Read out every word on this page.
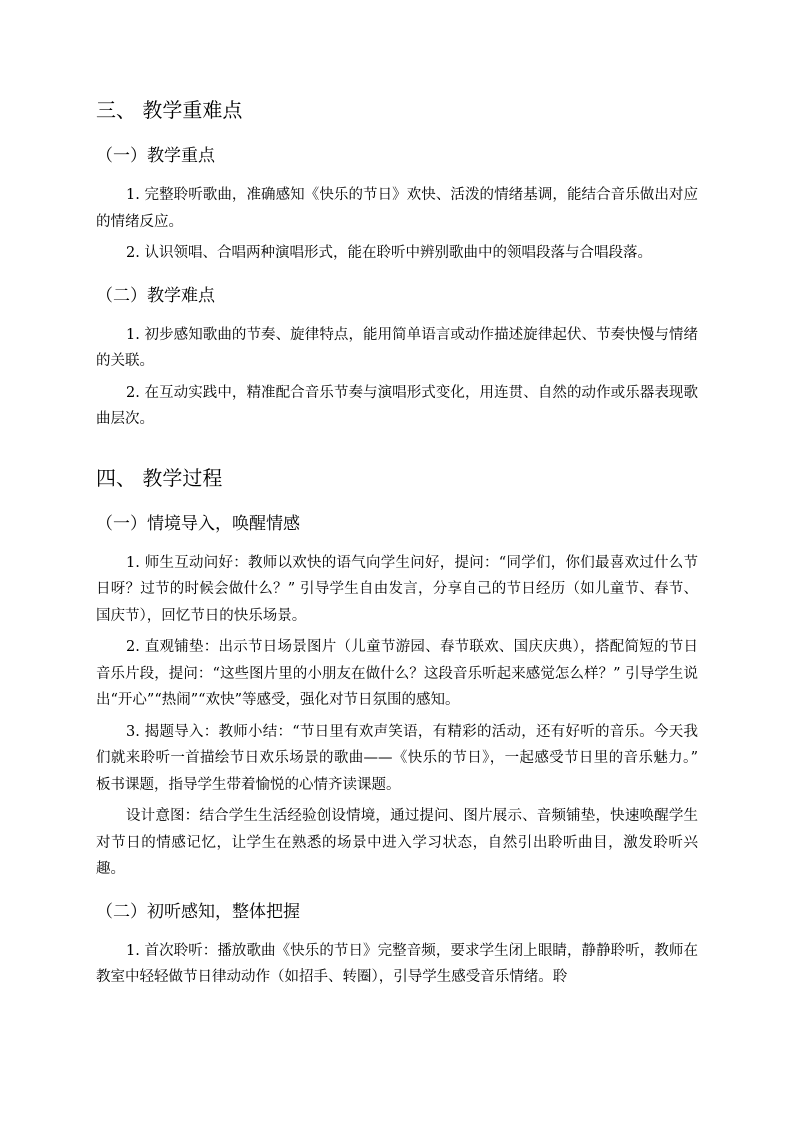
三、 教学重难点
（一）教学重点

1. 完整聆听歌曲，准确感知《快乐的节日》欢快、活泼的情绪基调，能结合音乐做出对应的情绪反应。

2. 认识领唱、合唱两种演唱形式，能在聆听中辨别歌曲中的领唱段落与合唱段落。

（二）教学难点

1. 初步感知歌曲的节奏、旋律特点，能用简单语言或动作描述旋律起伏、节奏快慢与情绪的关联。

2. 在互动实践中，精准配合音乐节奏与演唱形式变化，用连贯、自然的动作或乐器表现歌曲层次。

四、 教学过程
（一）情境导入，唤醒情感

1. 师生互动问好：教师以欢快的语气向学生问好，提问：“同学们，你们最喜欢过什么节日呀？过节的时候会做什么？” 引导学生自由发言，分享自己的节日经历（如儿童节、春节、国庆节），回忆节日的快乐场景。

2. 直观铺垫：出示节日场景图片（儿童节游园、春节联欢、国庆庆典），搭配简短的节日音乐片段，提问：“这些图片里的小朋友在做什么？这段音乐听起来感觉怎么样？” 引导学生说出“开心”“热闹”“欢快”等感受，强化对节日氛围的感知。

3. 揭题导入：教师小结：“节日里有欢声笑语，有精彩的活动，还有好听的音乐。今天我们就来聆听一首描绘节日欢乐场景的歌曲——《快乐的节日》，一起感受节日里的音乐魅力。” 板书课题，指导学生带着愉悦的心情齐读课题。

设计意图：结合学生生活经验创设情境，通过提问、图片展示、音频铺垫，快速唤醒学生对节日的情感记忆，让学生在熟悉的场景中进入学习状态，自然引出聆听曲目，激发聆听兴趣。

（二）初听感知，整体把握

1. 首次聆听：播放歌曲《快乐的节日》完整音频，要求学生闭上眼睛，静静聆听，教师在教室中轻轻做节日律动动作（如招手、转圈），引导学生感受音乐情绪。聆
